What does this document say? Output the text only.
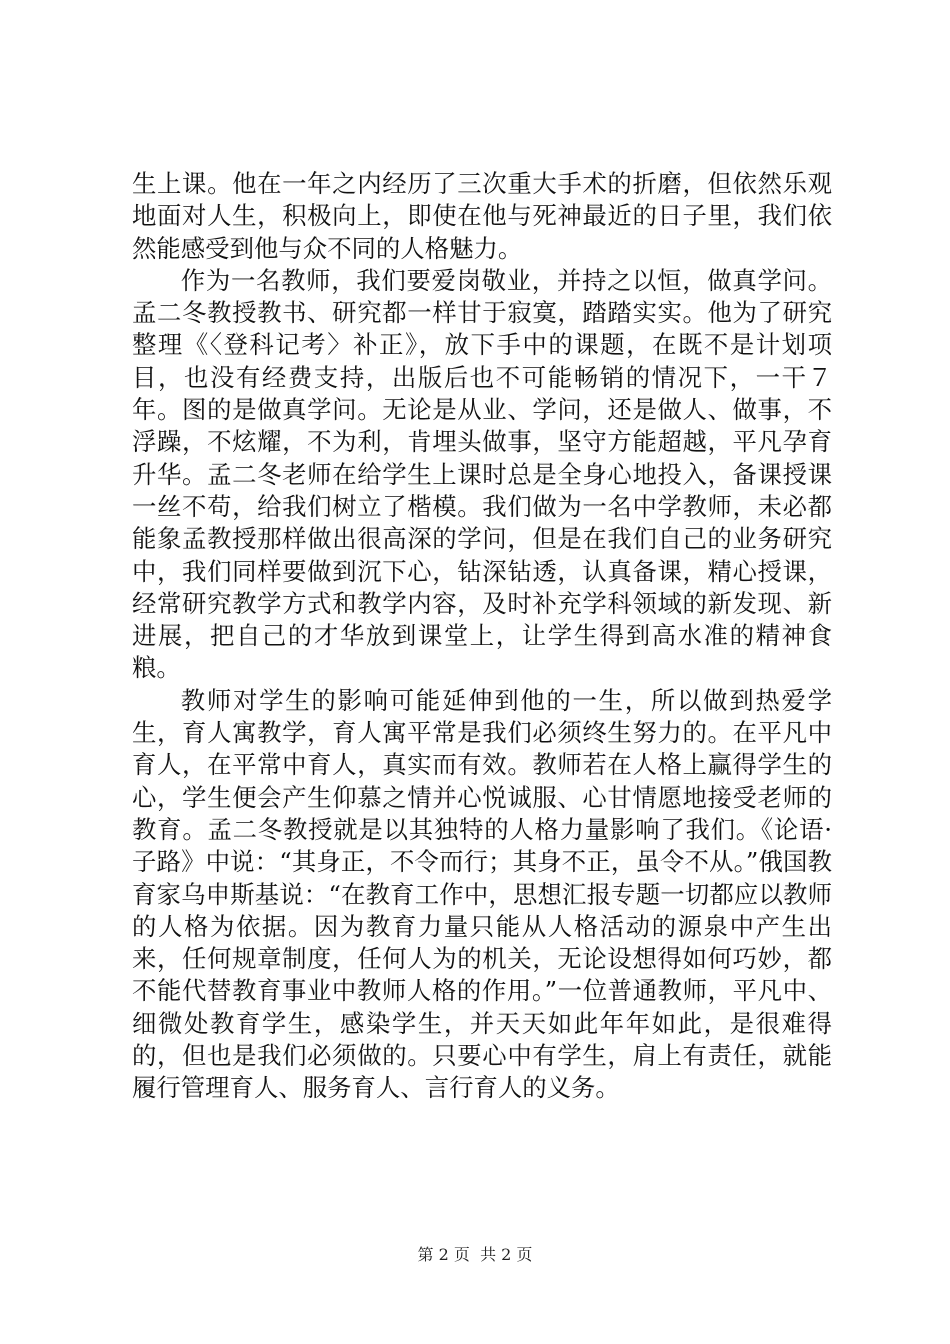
生上课。他在一年之内经历了三次重大手术的折磨，但依然乐观地面对人生，积极向上，即使在他与死神最近的日子里，我们依然能感受到他与众不同的人格魅力。

作为一名教师，我们要爱岗敬业，并持之以恒，做真学问。孟二冬教授教书、研究都一样甘于寂寞，踏踏实实。他为了研究整理《〈登科记考〉补正》，放下手中的课题，在既不是计划项目，也没有经费支持，出版后也不可能畅销的情况下，一干７年。图的是做真学问。无论是从业、学问，还是做人、做事，不浮躁，不炫耀，不为利，肯埋头做事，坚守方能超越，平凡孕育升华。孟二冬老师在给学生上课时总是全身心地投入，备课授课一丝不苟，给我们树立了楷模。我们做为一名中学教师，未必都能象孟教授那样做出很高深的学问，但是在我们自己的业务研究中，我们同样要做到沉下心，钻深钻透，认真备课，精心授课，经常研究教学方式和教学内容，及时补充学科领域的新发现、新进展，把自己的才华放到课堂上，让学生得到高水准的精神食粮。

教师对学生的影响可能延伸到他的一生，所以做到热爱学生，育人寓教学，育人寓平常是我们必须终生努力的。在平凡中育人，在平常中育人，真实而有效。教师若在人格上赢得学生的心，学生便会产生仰慕之情并心悦诚服、心甘情愿地接受老师的教育。孟二冬教授就是以其独特的人格力量影响了我们。《论语·子路》中说：“其身正，不令而行；其身不正，虽令不从。”俄国教育家乌申斯基说：“在教育工作中，思想汇报专题一切都应以教师的人格为依据。因为教育力量只能从人格活动的源泉中产生出来，任何规章制度，任何人为的机关，无论设想得如何巧妙，都不能代替教育事业中教师人格的作用。”一位普通教师，平凡中、细微处教育学生，感染学生，并天天如此年年如此，是很难得的，但也是我们必须做的。只要心中有学生，肩上有责任，就能履行管理育人、服务育人、言行育人的义务。

第 2 页  共 2 页
